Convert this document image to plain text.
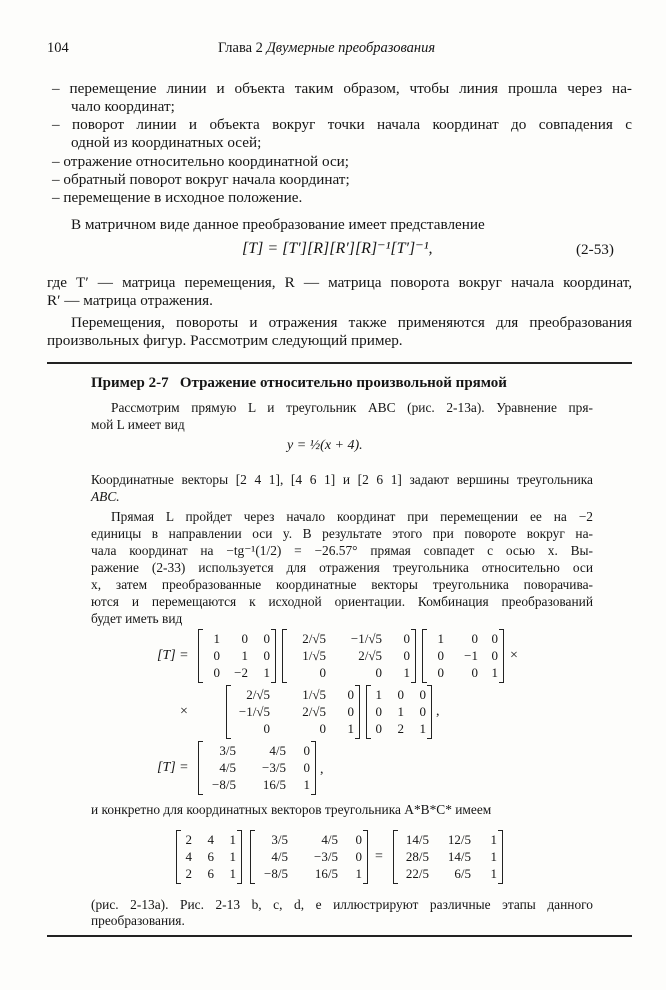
104	Глава 2 Двумерные преобразования
– перемещение линии и объекта таким образом, чтобы линия прошла через на-
чало координат;
– поворот линии и объекта вокруг точки начала координат до совпадения с
одной из координатных осей;
– отражение относительно координатной оси;
– обратный поворот вокруг начала координат;
– перемещение в исходное положение.
В матричном виде данное преобразование имеет представление
[T] = [T′][R][R′][R]⁻¹[T′]⁻¹,	(2-53)
где T′ — матрица перемещения, R — матрица поворота вокруг начала координат,
R′ — матрица отражения.
Перемещения, повороты и отражения также применяются для преобразования
произвольных фигур. Рассмотрим следующий пример.
Пример 2-7 Отражение относительно произвольной прямой
Рассмотрим прямую L и треугольник ABC (рис. 2-13a). Уравнение пря-
мой L имеет вид
y = ½(x + 4).
Координатные векторы [2 4 1], [4 6 1] и [2 6 1] задают вершины треугольника
ABC.
Прямая L пройдет через начало координат при перемещении ее на −2
единицы в направлении оси y. В результате этого при повороте вокруг на-
чала координат на −tg⁻¹(1/2) = −26.57° прямая совпадет с осью x. Вы-
ражение (2-33) используется для отражения треугольника относительно оси
x, затем преобразованные координатные векторы треугольника поворачива-
ются и перемещаются к исходной ориентации. Комбинация преобразований
будет иметь вид
[T] =
1 0 0
0 1 0
0 −2 1
2/√5 −1/√5 0
1/√5 2/√5 0
0	0 1
1 0 0
0 −1 0
0 0 1
×
×
2/√5 1/√5 0
−1/√5 2/√5 0
0	0 1
1 0 0
0 1 0
0 2 1
,
[T] =
3/5	4/5 0
4/5 −3/5 0
−8/5 16/5 1
,
и конкретно для координатных векторов треугольника A*B*C* имеем
2 4 1
4 6 1
2 6 1
3/5	4/5 0
4/5 −3/5 0
−8/5 16/5 1
=
14/5 12/5 1
28/5 14/5 1
22/5 6/5 1
(рис. 2-13a). Рис. 2-13 b, c, d, e иллюстрируют различные этапы данного
преобразования.
